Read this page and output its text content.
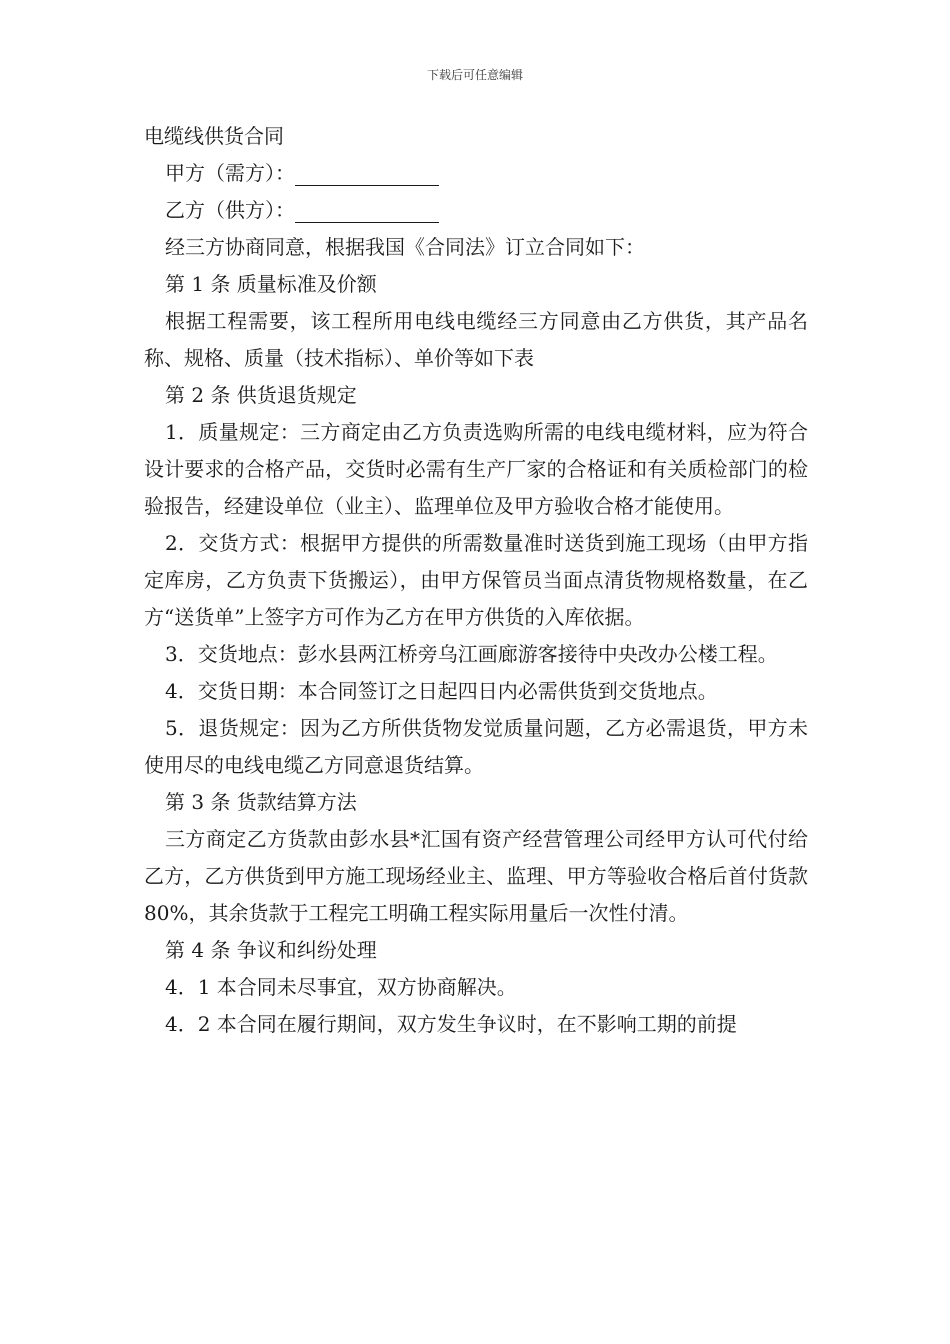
下载后可任意编辑

电缆线供货合同

甲方（需方）：

乙方（供方）：

经三方协商同意，根据我国《合同法》订立合同如下：

第 1 条 质量标准及价额

根据工程需要，该工程所用电线电缆经三方同意由乙方供货，其产品名称、规格、质量（技术指标）、单价等如下表

第 2 条 供货退货规定

1．质量规定：三方商定由乙方负责选购所需的电线电缆材料，应为符合设计要求的合格产品，交货时必需有生产厂家的合格证和有关质检部门的检验报告，经建设单位（业主）、监理单位及甲方验收合格才能使用。

2．交货方式：根据甲方提供的所需数量准时送货到施工现场（由甲方指定库房，乙方负责下货搬运），由甲方保管员当面点清货物规格数量，在乙方“送货单”上签字方可作为乙方在甲方供货的入库依据。

3．交货地点：彭水县两江桥旁乌江画廊游客接待中央改办公楼工程。

4．交货日期：本合同签订之日起四日内必需供货到交货地点。

5．退货规定：因为乙方所供货物发觉质量问题，乙方必需退货，甲方未使用尽的电线电缆乙方同意退货结算。

第 3 条 货款结算方法

三方商定乙方货款由彭水县*汇国有资产经营管理公司经甲方认可代付给乙方，乙方供货到甲方施工现场经业主、监理、甲方等验收合格后首付货款 80%，其余货款于工程完工明确工程实际用量后一次性付清。

第 4 条 争议和纠纷处理

4．1 本合同未尽事宜，双方协商解决。

4．2 本合同在履行期间，双方发生争议时，在不影响工期的前提
